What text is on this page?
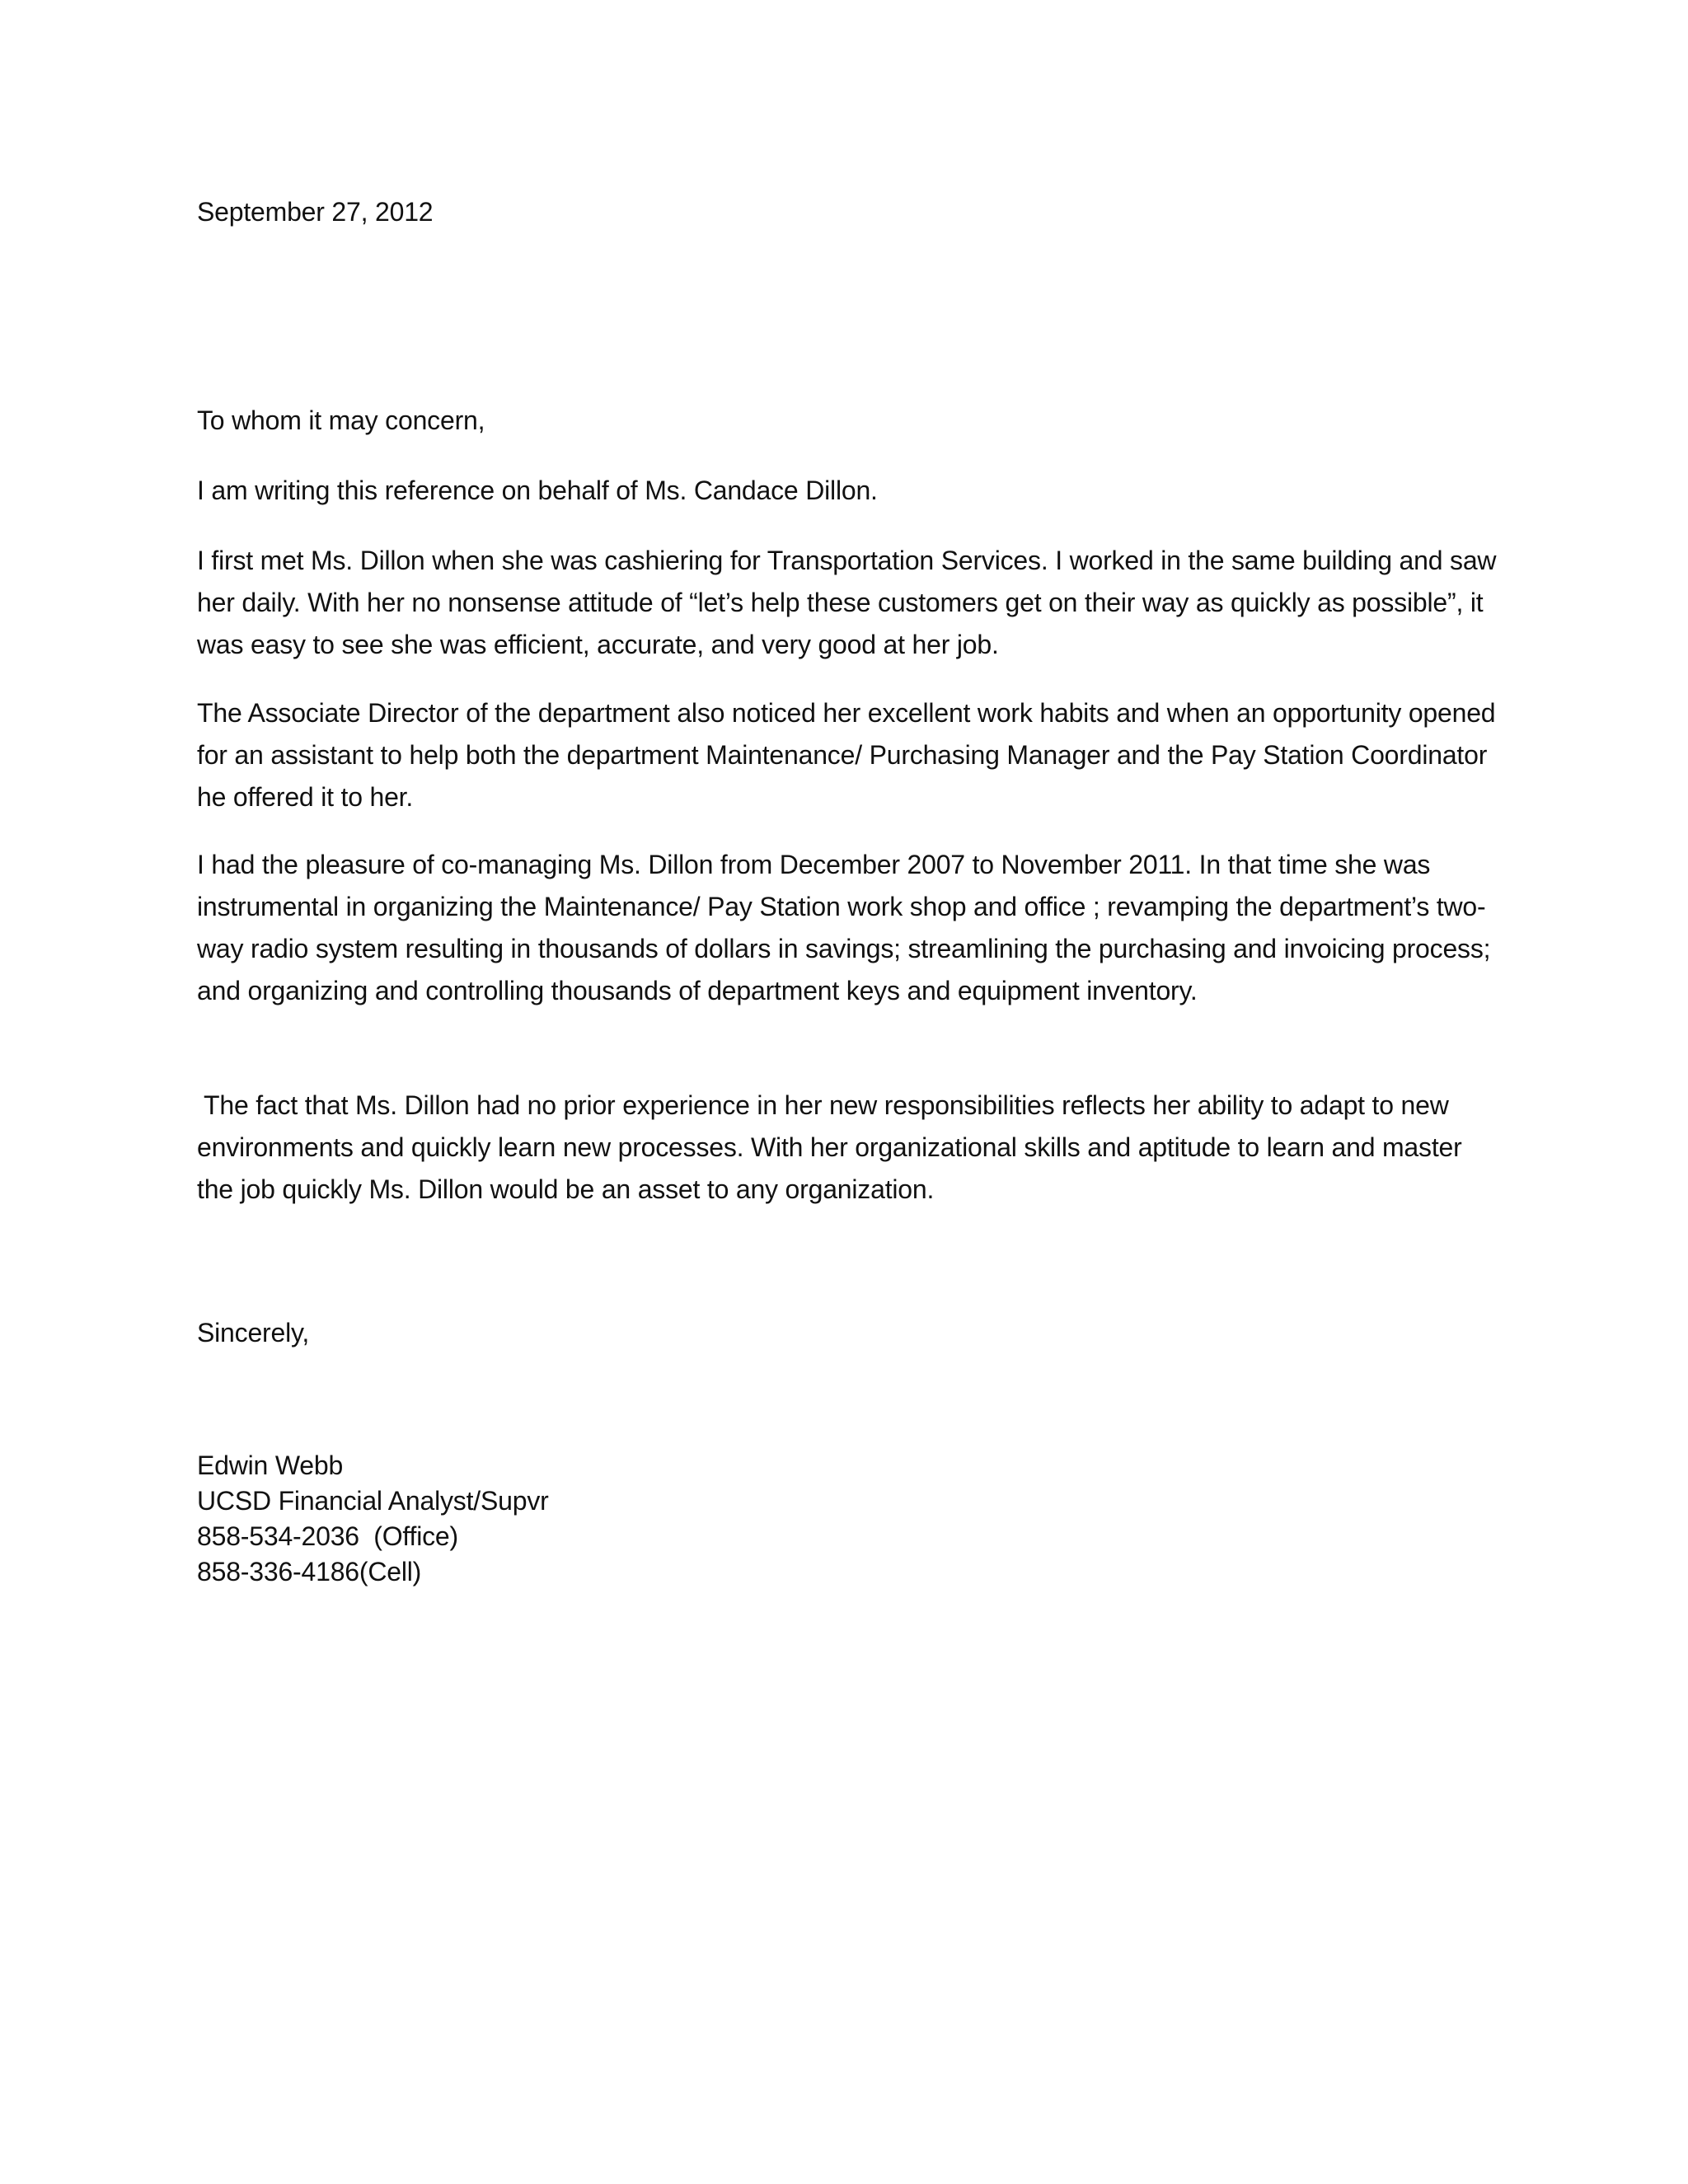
September 27, 2012
To whom it may concern,
I am writing this reference on behalf of Ms. Candace Dillon.
I first met Ms. Dillon when she was cashiering for Transportation Services. I worked in the same building and saw her daily. With her no nonsense attitude of “let’s help these customers get on their way as quickly as possible”, it was easy to see she was efficient, accurate, and very good at her job.
The Associate Director of the department also noticed her excellent work habits and when an opportunity opened for an assistant to help both the department Maintenance/ Purchasing Manager and the Pay Station Coordinator he offered it to her.
I had the pleasure of co-managing Ms. Dillon from December 2007 to November 2011. In that time she was instrumental in organizing the Maintenance/ Pay Station work shop and office ; revamping the department’s two-way radio system resulting in thousands of dollars in savings; streamlining the purchasing and invoicing process; and organizing and controlling thousands of department keys and equipment inventory.
The fact that Ms. Dillon had no prior experience in her new responsibilities reflects her ability to adapt to new environments and quickly learn new processes. With her organizational skills and aptitude to learn and master the job quickly Ms. Dillon would be an asset to any organization.
Sincerely,
Edwin Webb
UCSD Financial Analyst/Supvr
858-534-2036  (Office)
858-336-4186(Cell)
